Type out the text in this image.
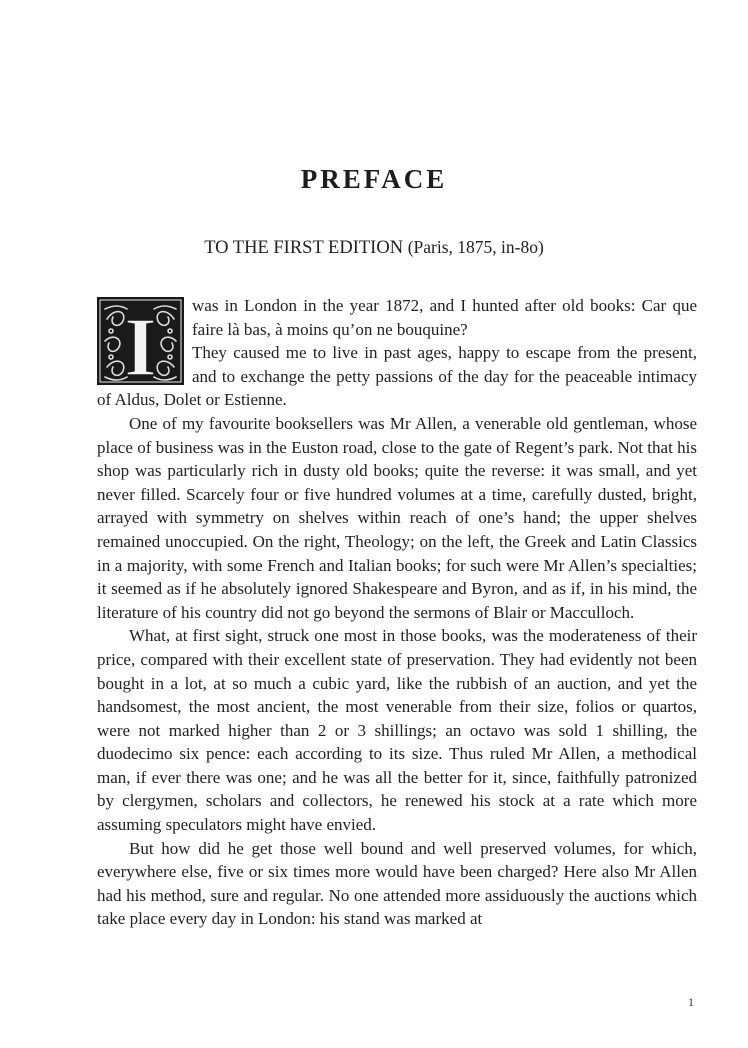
PREFACE
TO THE FIRST EDITION (Paris, 1875, in-8o)
I	was in London in the year 1872, and I hunted after old books: Car que faire là bas, à moins qu’on ne bouquine?

They caused me to live in past ages, happy to escape from the present, and to exchange the petty passions of the day for the peaceable intimacy of Aldus, Dolet or Estienne.

One of my favourite booksellers was Mr Allen, a venerable old gentleman, whose place of business was in the Euston road, close to the gate of Regent’s park. Not that his shop was particularly rich in dusty old books; quite the reverse: it was small, and yet never filled. Scarcely four or five hundred volumes at a time, carefully dusted, bright, arrayed with symmetry on shelves within reach of one’s hand; the upper shelves remained unoccupied. On the right, Theology; on the left, the Greek and Latin Classics in a majority, with some French and Italian books; for such were Mr Allen’s specialties; it seemed as if he absolutely ignored Shakespeare and Byron, and as if, in his mind, the literature of his country did not go beyond the sermons of Blair or Macculloch.

What, at first sight, struck one most in those books, was the moderateness of their price, compared with their excellent state of preservation. They had evidently not been bought in a lot, at so much a cubic yard, like the rubbish of an auction, and yet the handsomest, the most ancient, the most venerable from their size, folios or quartos, were not marked higher than 2 or 3 shillings; an octavo was sold 1 shilling, the duodecimo six pence: each according to its size. Thus ruled Mr Allen, a methodical man, if ever there was one; and he was all the better for it, since, faithfully patronized by clergymen, scholars and collectors, he renewed his stock at a rate which more assuming speculators might have envied.

But how did he get those well bound and well preserved volumes, for which, everywhere else, five or six times more would have been charged? Here also Mr Allen had his method, sure and regular. No one attended more assiduously the auctions which take place every day in London: his stand was marked at

1
